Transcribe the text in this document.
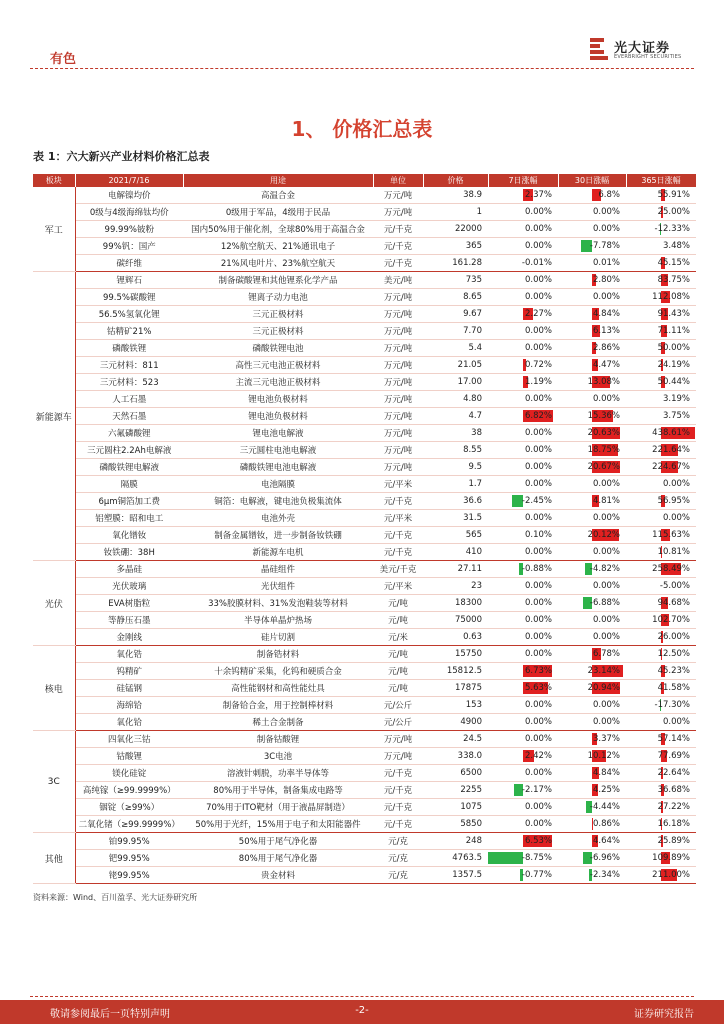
有色
光大证券
EVERBRIGHT SECURITIES
1、 价格汇总表
表 1：六大新兴产业材料价格汇总表
板块	2021/7/16	用途	单位	价格	7日涨幅	30日涨幅	365日涨幅
军工	电解镍均价	高温合金	万元/吨	38.9	2.37%	6.8%	55.91%
	0级与4级海绵钛均价	0级用于军品，4级用于民品	万元/吨	1	0.00%	0.00%	25.00%
	99.99%铍粉	国内50%用于催化剂，全球80%用于高温合金	元/千克	22000	0.00%	0.00%	-12.33%
	99%钒：国产	12%航空航天、21%通讯电子	元/千克	365	0.00%	-7.78%	3.48%
	碳纤维	21%风电叶片、23%航空航天	元/千克	161.28	-0.01%	0.01%	45.15%
新能源车	锂辉石	制备碳酸锂和其他锂系化学产品	美元/吨	735	0.00%	2.80%	83.75%
	99.5%碳酸锂	锂离子动力电池	万元/吨	8.65	0.00%	0.00%	112.08%
	56.5%氢氧化锂	三元正极材料	万元/吨	9.67	2.27%	4.84%	91.43%
	钴精矿21%	三元正极材料	万元/吨	7.70	0.00%	6.13%	71.11%
	磷酸铁锂	磷酸铁锂电池	万元/吨	5.4	0.00%	2.86%	50.00%
	三元材料：811	高性三元电池正极材料	万元/吨	21.05	0.72%	4.47%	24.19%
	三元材料：523	主流三元电池正极材料	万元/吨	17.00	1.19%	13.08%	50.44%
	人工石墨	锂电池负极材料	万元/吨	4.80	0.00%	0.00%	3.19%
	天然石墨	锂电池负极材料	万元/吨	4.7	6.82%	15.36%	3.75%
	六氟磷酸锂	锂电池电解液	万元/吨	38	0.00%	20.63%	438.61%
	三元圆柱2.2Ah电解液	三元圆柱电池电解液	万元/吨	8.55	0.00%	18.75%	221.64%
	磷酸铁锂电解液	磷酸铁锂电池电解液	万元/吨	9.5	0.00%	20.67%	224.67%
	隔膜	电池隔膜	元/平米	1.7	0.00%	0.00%	0.00%
	6μm铜箔加工费	铜箔：电解液，键电池负极集流体	元/千克	36.6	-2.45%	4.81%	56.95%
	铝塑膜：昭和电工	电池外壳	元/平米	31.5	0.00%	0.00%	0.00%
	氧化镨钕	制备金属镨钕，进一步制备钕铁硼	元/千克	565	0.10%	20.12%	115.63%
	钕铁硼：38H	新能源车电机	元/千克	410	0.00%	0.00%	10.81%
光伏	多晶硅	晶硅组件	美元/千克	27.11	-0.88%	-4.82%	258.49%
	光伏玻璃	光伏组件	元/平米	23	0.00%	0.00%	-5.00%
	EVA树脂粒	33%胶膜材料、31%发泡鞋装等材料	元/吨	18300	0.00%	-6.88%	94.68%
	等静压石墨	半导体单晶炉热场	元/吨	75000	0.00%	0.00%	102.70%
	金刚线	硅片切割	元/米	0.63	0.00%	0.00%	26.00%
核电	氧化锆	制备锆材料	元/吨	15750	0.00%	6.78%	12.50%
	钨精矿	十余钨精矿采集，化钨和硬质合金	元/吨	15812.5	6.73%	23.14%	45.23%
	硅锰钢	高性能钢材和高性能灶具	元/吨	17875	5.63%	20.94%	41.58%
	海绵铪	制备铪合金，用于控制棒材料	元/公斤	153	0.00%	0.00%	-17.30%
	氧化铪	稀土合金制备	元/公斤	4900	0.00%	0.00%	0.00%
3C	四氧化三钴	制备钴酸锂	万元/吨	24.5	0.00%	3.37%	57.14%
	钴酸锂	3C电池	万元/吨	338.0	2.42%	10.12%	77.69%
	镁化硅锭	溶液针刺脱，功率半导体等	元/千克	6500	0.00%	4.84%	22.64%
	高纯镓（≥99.9999%）	80%用于半导体，制备集成电路等	元/千克	2255	-2.17%	4.25%	36.68%
	铟锭（≥99%）	70%用于ITO靶材（用于液晶屏制造）	元/千克	1075	0.00%	-4.44%	27.22%
	二氧化锗（≥99.9999%）	50%用于光纤，15%用于电子和太阳能器件	元/千克	5850	0.00%	0.86%	16.18%
其他	铂99.95%	50%用于尾气净化器	元/克	248	6.53%	4.64%	25.89%
	钯99.95%	80%用于尾气净化器	元/克	4763.5	-8.75%	-6.96%	109.89%
	铑99.95%	贵金材料	元/克	1357.5	-0.77%	-2.34%	211.00%
资料来源：Wind、百川盈孚、光大证券研究所
敬请参阅最后一页特别声明	-2-	证券研究报告
